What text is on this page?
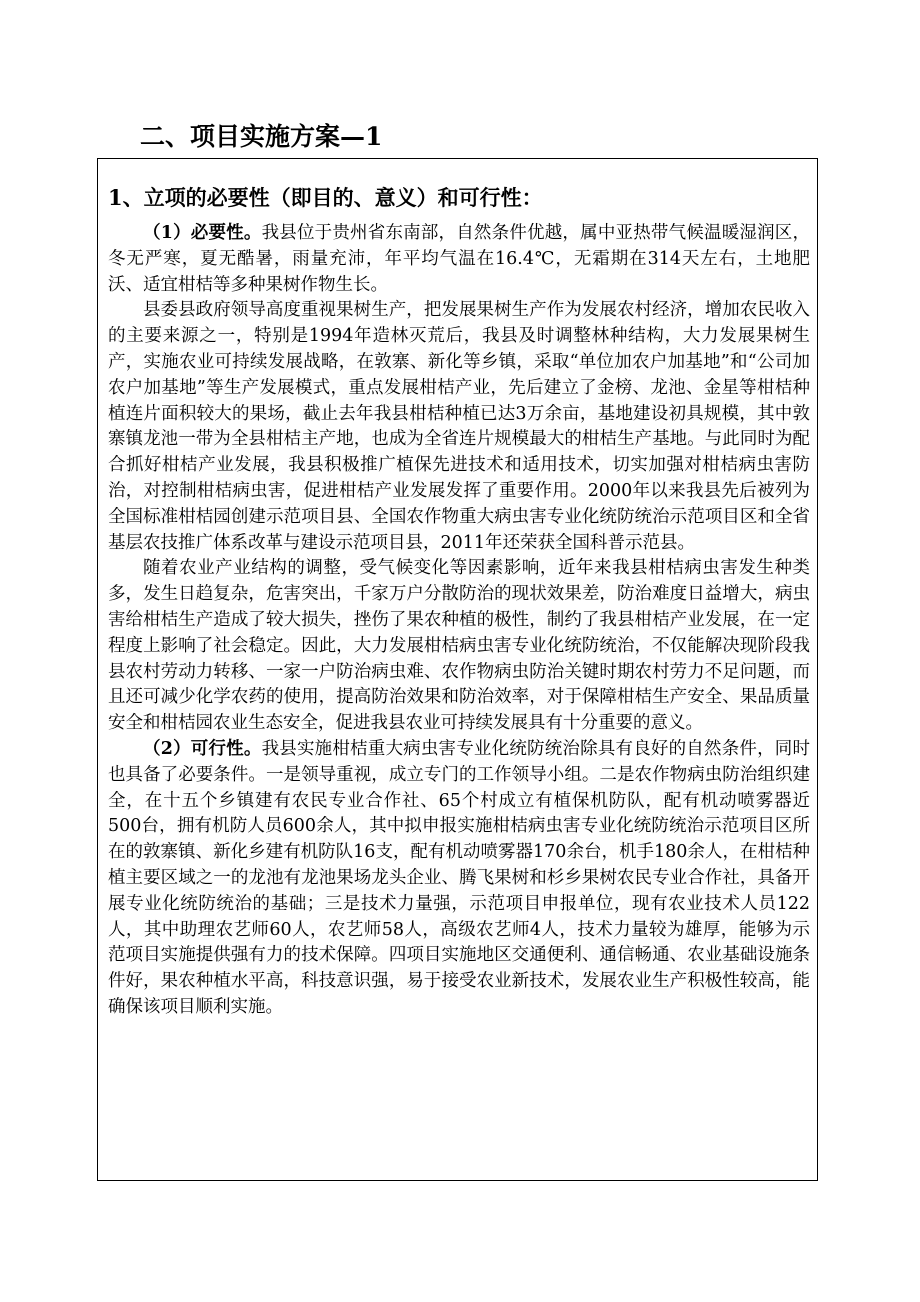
二、项目实施方案—1
1、立项的必要性（即目的、意义）和可行性：

（1）必要性。我县位于贵州省东南部，自然条件优越，属中亚热带气候温暖湿润区，冬无严寒，夏无酷暑，雨量充沛，年平均气温在16.4℃，无霜期在314天左右，土地肥沃、适宜柑桔等多种果树作物生长。

县委县政府领导高度重视果树生产，把发展果树生产作为发展农村经济，增加农民收入的主要来源之一，特别是1994年造林灭荒后，我县及时调整林种结构，大力发展果树生产，实施农业可持续发展战略，在敦寨、新化等乡镇，采取“单位加农户加基地”和“公司加农户加基地”等生产发展模式，重点发展柑桔产业，先后建立了金榜、龙池、金星等柑桔种植连片面积较大的果场，截止去年我县柑桔种植已达3万余亩，基地建设初具规模，其中敦寨镇龙池一带为全县柑桔主产地，也成为全省连片规模最大的柑桔生产基地。与此同时为配合抓好柑桔产业发展，我县积极推广植保先进技术和适用技术，切实加强对柑桔病虫害防治，对控制柑桔病虫害，促进柑桔产业发展发挥了重要作用。2000年以来我县先后被列为全国标准柑桔园创建示范项目县、全国农作物重大病虫害专业化统防统治示范项目区和全省基层农技推广体系改革与建设示范项目县，2011年还荣获全国科普示范县。

随着农业产业结构的调整，受气候变化等因素影响，近年来我县柑桔病虫害发生种类多，发生日趋复杂，危害突出，千家万户分散防治的现状效果差，防治难度日益增大，病虫害给柑桔生产造成了较大损失，挫伤了果农种植的极性，制约了我县柑桔产业发展，在一定程度上影响了社会稳定。因此，大力发展柑桔病虫害专业化统防统治，不仅能解决现阶段我县农村劳动力转移、一家一户防治病虫难、农作物病虫防治关键时期农村劳力不足问题，而且还可减少化学农药的使用，提高防治效果和防治效率，对于保障柑桔生产安全、果品质量安全和柑桔园农业生态安全，促进我县农业可持续发展具有十分重要的意义。

（2）可行性。我县实施柑桔重大病虫害专业化统防统治除具有良好的自然条件，同时也具备了必要条件。一是领导重视，成立专门的工作领导小组。二是农作物病虫防治组织建全，在十五个乡镇建有农民专业合作社、65个村成立有植保机防队，配有机动喷雾器近500台，拥有机防人员600余人，其中拟申报实施柑桔病虫害专业化统防统治示范项目区所在的敦寨镇、新化乡建有机防队16支，配有机动喷雾器170余台，机手180余人，在柑桔种植主要区域之一的龙池有龙池果场龙头企业、腾飞果树和杉乡果树农民专业合作社，具备开展专业化统防统治的基础；三是技术力量强，示范项目申报单位，现有农业技术人员122人，其中助理农艺师60人，农艺师58人，高级农艺师4人，技术力量较为雄厚，能够为示范项目实施提供强有力的技术保障。四项目实施地区交通便利、通信畅通、农业基础设施条件好，果农种植水平高，科技意识强，易于接受农业新技术，发展农业生产积极性较高，能确保该项目顺利实施。
